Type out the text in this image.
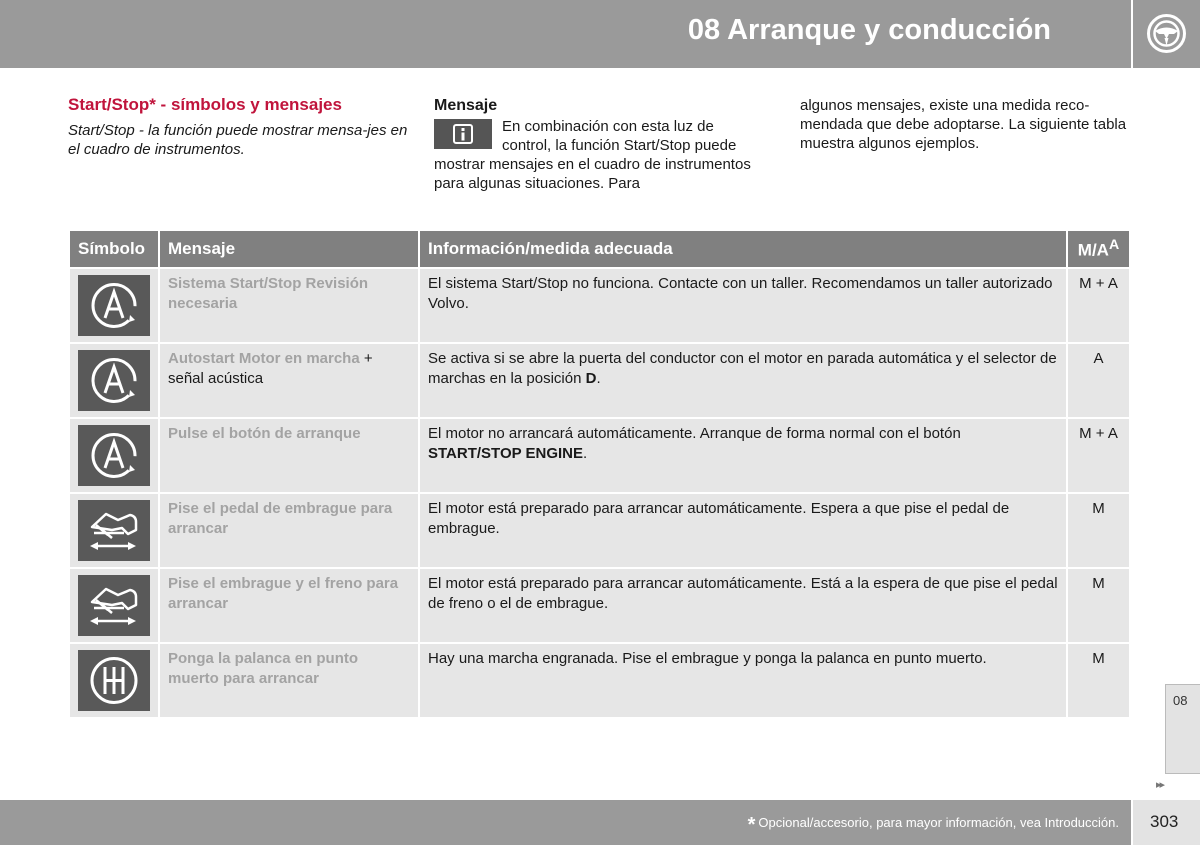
08 Arranque y conducción
Start/Stop* - símbolos y mensajes

Start/Stop - la función puede mostrar mensa-jes en el cuadro de instrumentos.

Mensaje
En combinación con esta luz de control, la función Start/Stop puede mostrar mensajes en el cuadro de instrumentos para algunas situaciones. Para
algunos mensajes, existe una medida reco-mendada que debe adoptarse. La siguiente tabla muestra algunos ejemplos.
Símbolo	Mensaje	Información/medida adecuada	$M/A^A$

	Sistema Start/Stop Revisión necesaria	El sistema Start/Stop no funciona. Contacte con un taller. Recomendamos un taller autorizado Volvo.	M + A

	Autostart Motor en marcha + señal acústica	Se activa si se abre la puerta del conductor con el motor en parada automática y el selector de marchas en la posición D.	A

	Pulse el botón de arranque	El motor no arrancará automáticamente. Arranque de forma normal con el botón START/STOP ENGINE.	M + A

	Pise el pedal de embrague para arrancar	El motor está preparado para arrancar automáticamente. Espera a que pise el pedal de embrague.	M

	Pise el embrague y el freno para arrancar	El motor está preparado para arrancar automáticamente. Está a la espera de que pise el pedal de freno o el de embrague.	M

	Ponga la palanca en punto muerto para arrancar	Hay una marcha engranada. Pise el embrague y ponga la palanca en punto muerto.	M
08
▸▸
* Opcional/accesorio, para mayor información, vea Introducción. 303
